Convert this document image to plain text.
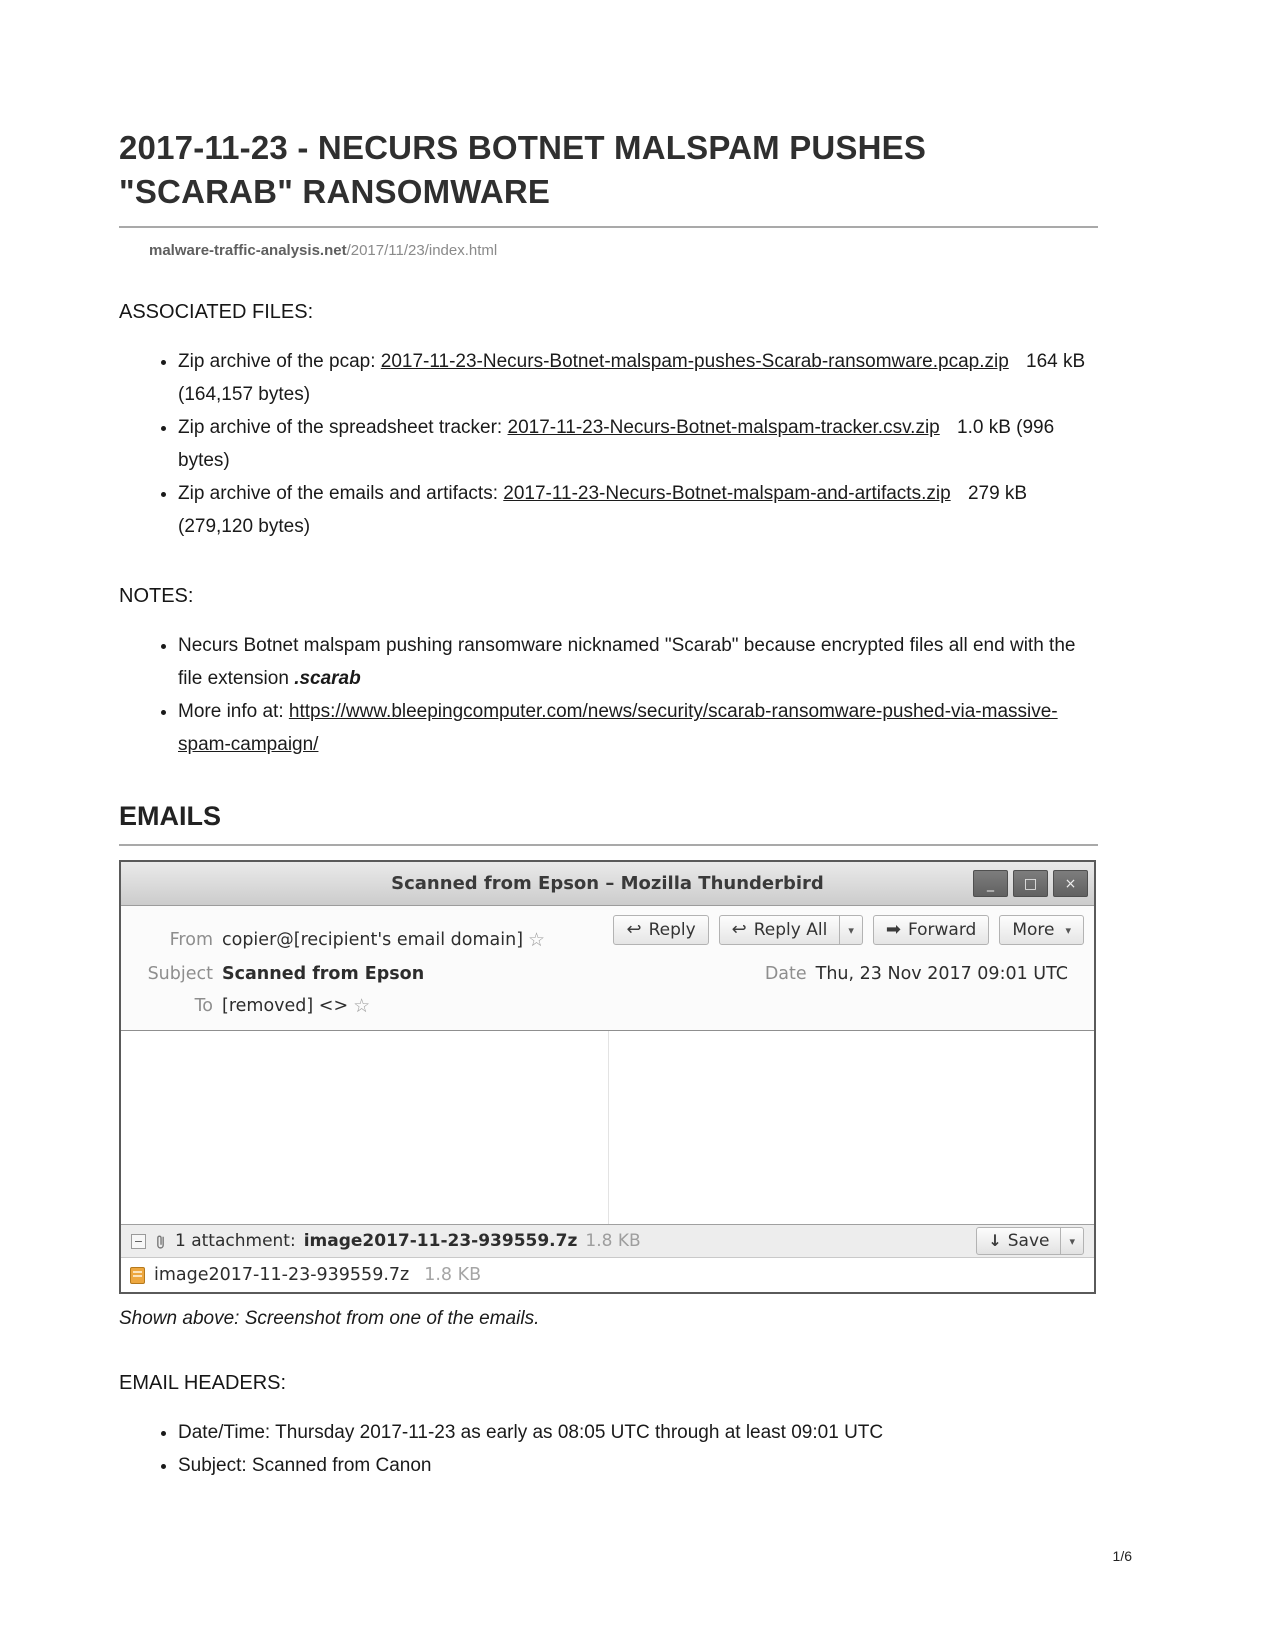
2017-11-23 - NECURS BOTNET MALSPAM PUSHES "SCARAB" RANSOMWARE
malware-traffic-analysis.net/2017/11/23/index.html
ASSOCIATED FILES:
• Zip archive of the pcap: 2017-11-23-Necurs-Botnet-malspam-pushes-Scarab-ransomware.pcap.zip 164 kB (164,157 bytes)
• Zip archive of the spreadsheet tracker: 2017-11-23-Necurs-Botnet-malspam-tracker.csv.zip 1.0 kB (996 bytes)
• Zip archive of the emails and artifacts: 2017-11-23-Necurs-Botnet-malspam-and-artifacts.zip 279 kB (279,120 bytes)
NOTES:
• Necurs Botnet malspam pushing ransomware nicknamed "Scarab" because encrypted files all end with the file extension .scarab
• More info at: https://www.bleepingcomputer.com/news/security/scarab-ransomware-pushed-via-massive-spam-campaign/
EMAILS
Scanned from Epson – Mozilla Thunderbird	_	□	×
↩ Reply ↩ Reply All ▾ ➡ Forward More ▾
From copier@[recipient's email domain] ☆
Subject Scanned from Epson	Date Thu, 23 Nov 2017 09:01 UTC
To [removed] <> ☆
− 1 attachment: image2017-11-23-939559.7z 1.8 KB	↓ Save ▾
image2017-11-23-939559.7z 1.8 KB
Shown above: Screenshot from one of the emails.
EMAIL HEADERS:
• Date/Time: Thursday 2017-11-23 as early as 08:05 UTC through at least 09:01 UTC
• Subject: Scanned from Canon
1/6
